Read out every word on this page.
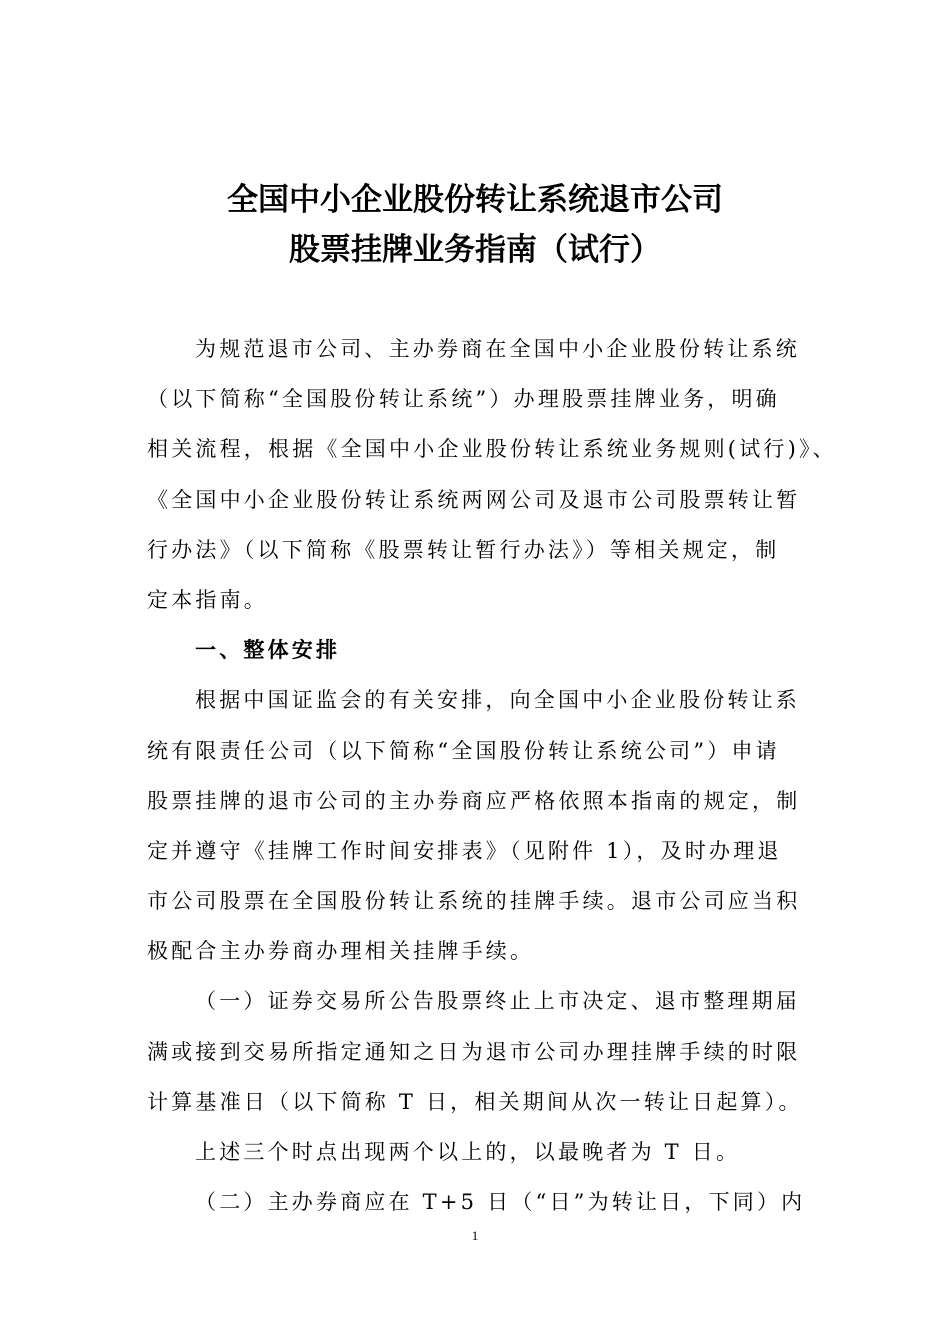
全国中小企业股份转让系统退市公司
股票挂牌业务指南（试行）
为规范退市公司、主办券商在全国中小企业股份转让系统
（以下简称“全国股份转让系统”）办理股票挂牌业务，明确
相关流程，根据《全国中小企业股份转让系统业务规则(试行)》、
《全国中小企业股份转让系统两网公司及退市公司股票转让暂
行办法》（以下简称《股票转让暂行办法》）等相关规定，制
定本指南。
一、整体安排
根据中国证监会的有关安排，向全国中小企业股份转让系
统有限责任公司（以下简称“全国股份转让系统公司”）申请
股票挂牌的退市公司的主办券商应严格依照本指南的规定，制
定并遵守《挂牌工作时间安排表》（见附件 1），及时办理退
市公司股票在全国股份转让系统的挂牌手续。退市公司应当积
极配合主办券商办理相关挂牌手续。
（一）证券交易所公告股票终止上市决定、退市整理期届
满或接到交易所指定通知之日为退市公司办理挂牌手续的时限
计算基准日（以下简称 T 日，相关期间从次一转让日起算）。
上述三个时点出现两个以上的，以最晚者为 T 日。
（二）主办券商应在 T+5 日（“日”为转让日，下同）内
1
